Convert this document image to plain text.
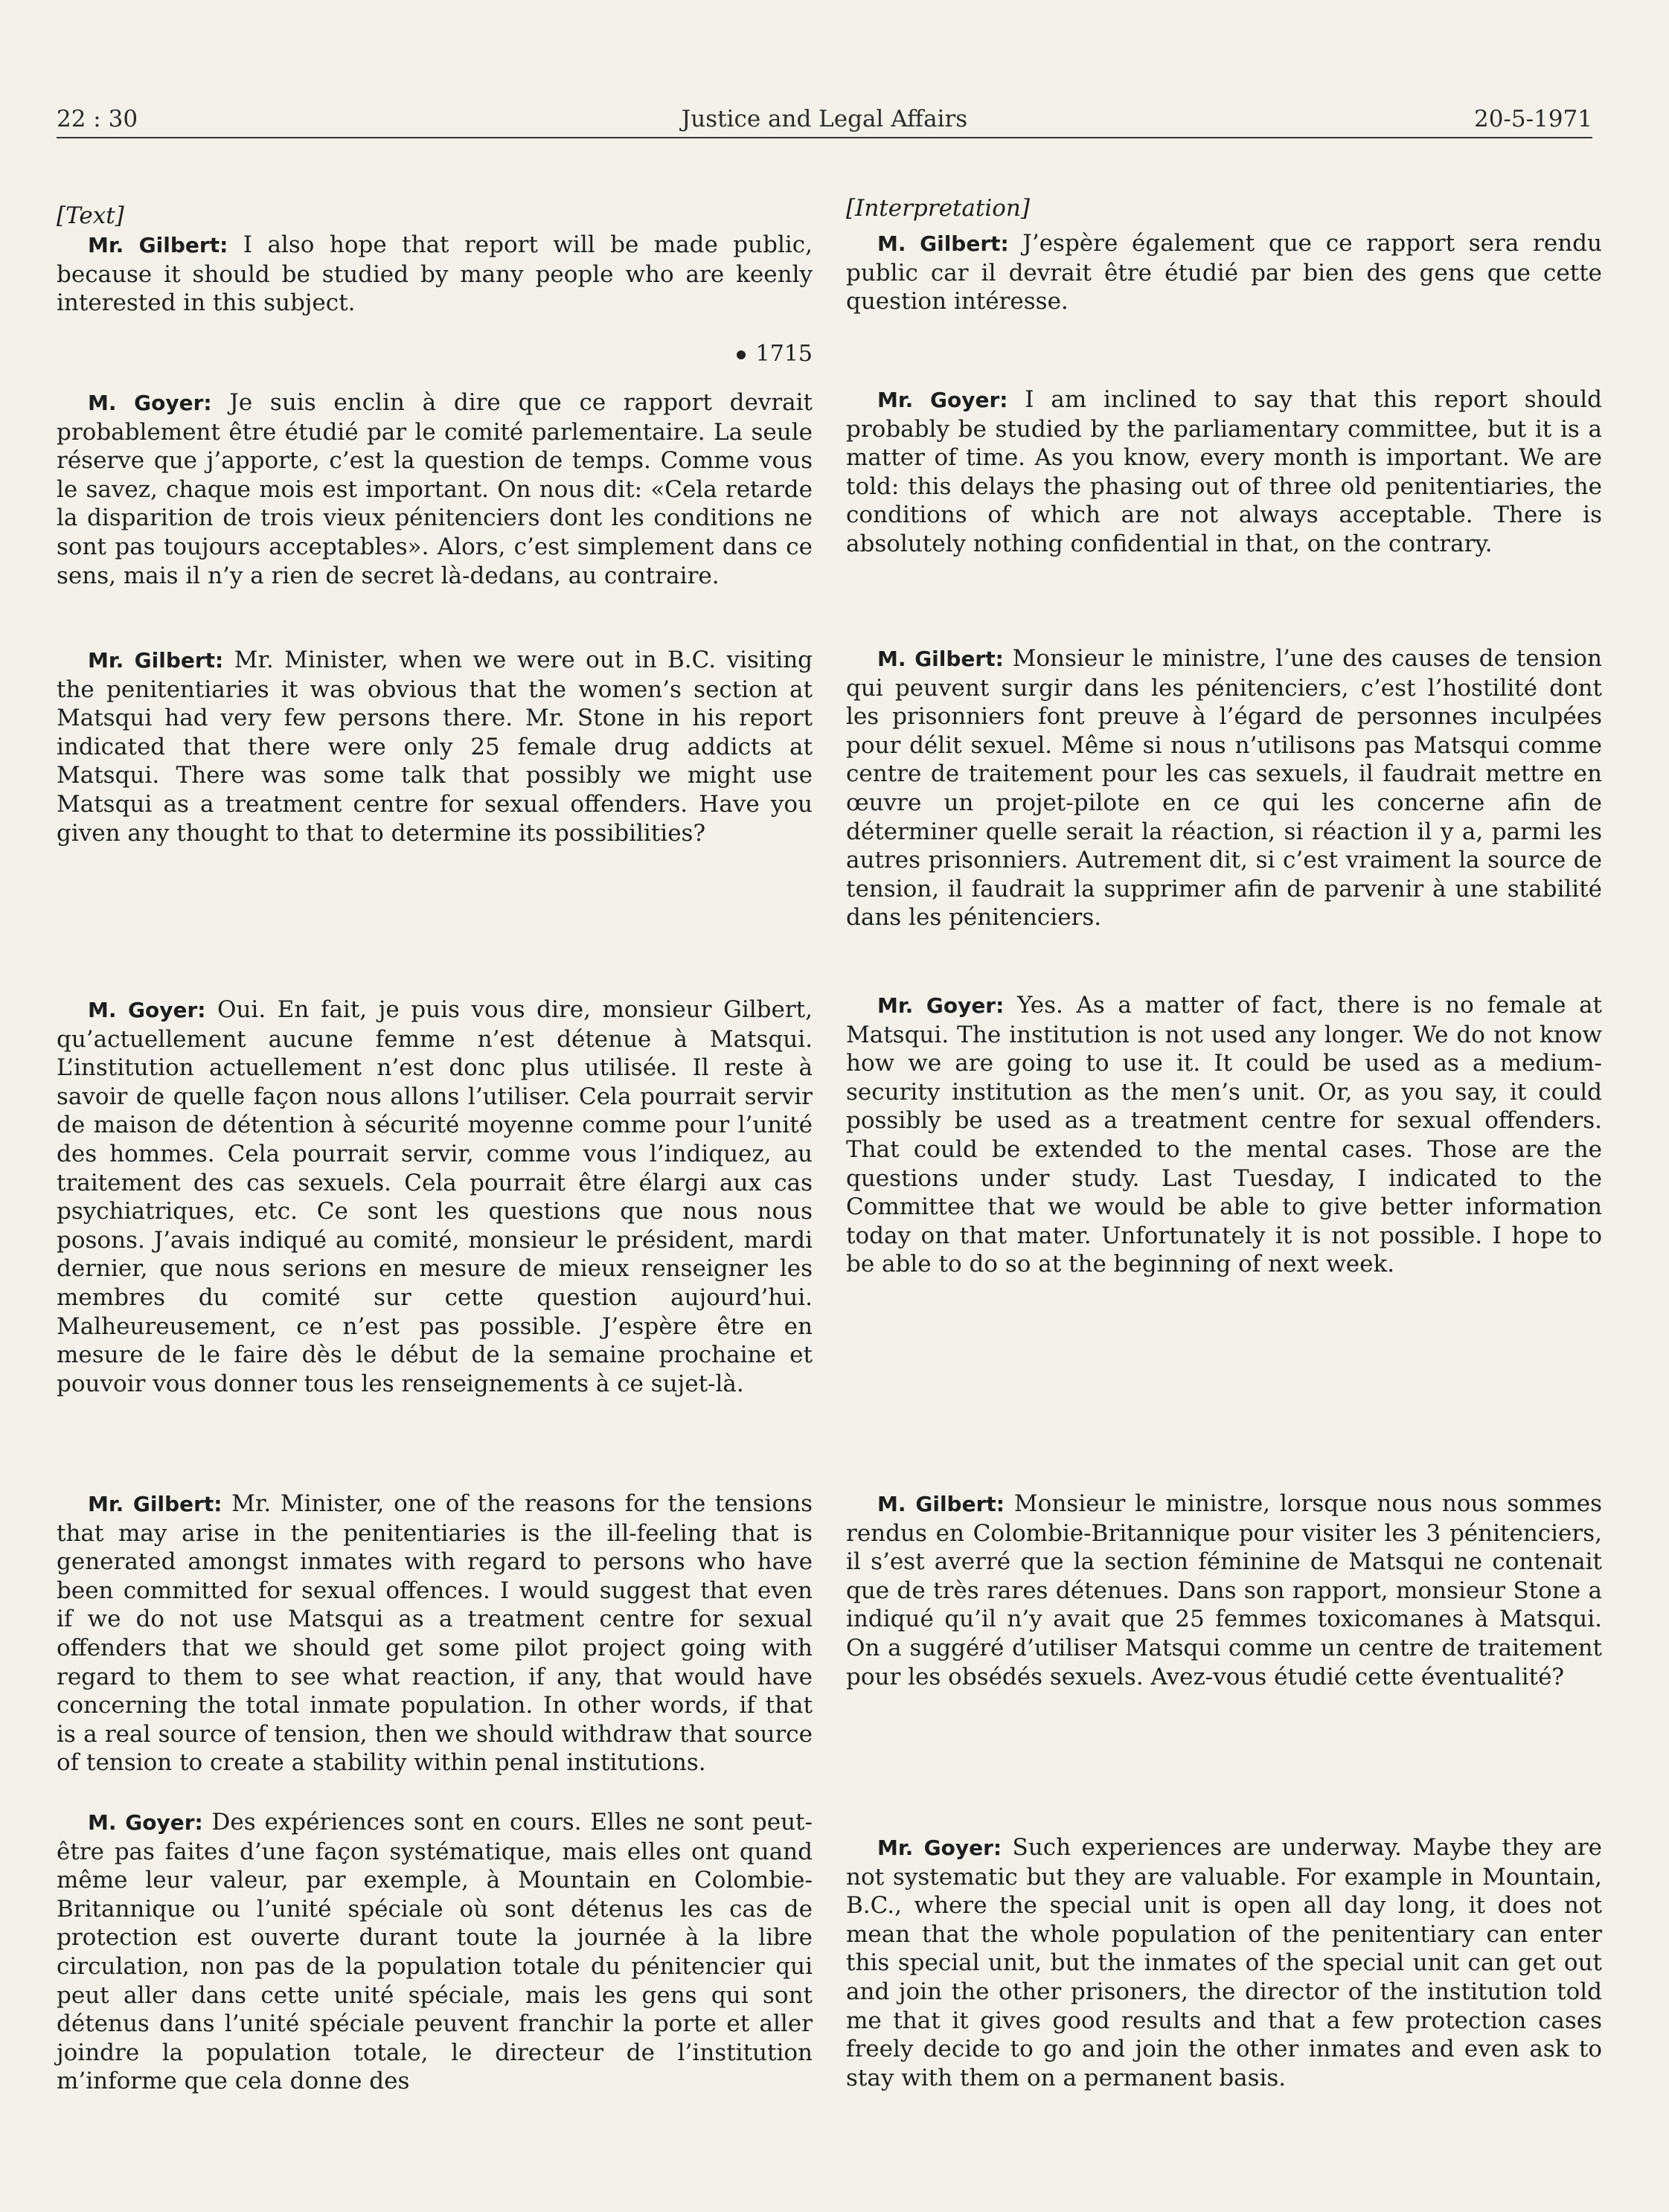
22 : 30	Justice and Legal Affairs	20-5-1971
[Text]

Mr. Gilbert: I also hope that report will be made public, because it should be studied by many people who are keenly interested in this subject.

1715

M. Goyer: Je suis enclin à dire que ce rapport devrait probablement être étudié par le comité parlementaire. La seule réserve que j’apporte, c’est la question de temps. Comme vous le savez, chaque mois est important. On nous dit: «Cela retarde la disparition de trois vieux pénitenciers dont les conditions ne sont pas toujours acceptables». Alors, c’est simplement dans ce sens, mais il n’y a rien de secret là-dedans, au contraire.

Mr. Gilbert: Mr. Minister, when we were out in B.C. visiting the penitentiaries it was obvious that the women’s section at Matsqui had very few persons there. Mr. Stone in his report indicated that there were only 25 female drug addicts at Matsqui. There was some talk that possibly we might use Matsqui as a treatment centre for sexual offenders. Have you given any thought to that to determine its possibilities?

M. Goyer: Oui. En fait, je puis vous dire, monsieur Gilbert, qu’actuellement aucune femme n’est détenue à Matsqui. L’institution actuellement n’est donc plus utilisée. Il reste à savoir de quelle façon nous allons l’utiliser. Cela pourrait servir de maison de détention à sécurité moyenne comme pour l’unité des hommes. Cela pourrait servir, comme vous l’indiquez, au traitement des cas sexuels. Cela pourrait être élargi aux cas psychiatriques, etc. Ce sont les questions que nous nous posons. J’avais indiqué au comité, monsieur le président, mardi dernier, que nous serions en mesure de mieux renseigner les membres du comité sur cette question aujourd’hui. Malheureusement, ce n’est pas possible. J’espère être en mesure de le faire dès le début de la semaine prochaine et pouvoir vous donner tous les renseignements à ce sujet-là.

Mr. Gilbert: Mr. Minister, one of the reasons for the tensions that may arise in the penitentiaries is the ill-feeling that is generated amongst inmates with regard to persons who have been committed for sexual offences. I would suggest that even if we do not use Matsqui as a treatment centre for sexual offenders that we should get some pilot project going with regard to them to see what reaction, if any, that would have concerning the total inmate population. In other words, if that is a real source of tension, then we should withdraw that source of tension to create a stability within penal institutions.

M. Goyer: Des expériences sont en cours. Elles ne sont peut-être pas faites d’une façon systématique, mais elles ont quand même leur valeur, par exemple, à Mountain en Colombie-Britannique ou l’unité spéciale où sont détenus les cas de protection est ouverte durant toute la journée à la libre circulation, non pas de la population totale du pénitencier qui peut aller dans cette unité spéciale, mais les gens qui sont détenus dans l’unité spéciale peuvent franchir la porte et aller joindre la population totale, le directeur de l’institution m’informe que cela donne des

[Interpretation]

M. Gilbert: J’espère également que ce rapport sera rendu public car il devrait être étudié par bien des gens que cette question intéresse.

Mr. Goyer: I am inclined to say that this report should probably be studied by the parliamentary committee, but it is a matter of time. As you know, every month is important. We are told: this delays the phasing out of three old penitentiaries, the conditions of which are not always acceptable. There is absolutely nothing confidential in that, on the contrary.

M. Gilbert: Monsieur le ministre, l’une des causes de tension qui peuvent surgir dans les pénitenciers, c’est l’hostilité dont les prisonniers font preuve à l’égard de personnes inculpées pour délit sexuel. Même si nous n’utilisons pas Matsqui comme centre de traitement pour les cas sexuels, il faudrait mettre en œuvre un projet-pilote en ce qui les concerne afin de déterminer quelle serait la réaction, si réaction il y a, parmi les autres prisonniers. Autrement dit, si c’est vraiment la source de tension, il faudrait la supprimer afin de parvenir à une stabilité dans les pénitenciers.

Mr. Goyer: Yes. As a matter of fact, there is no female at Matsqui. The institution is not used any longer. We do not know how we are going to use it. It could be used as a medium-security institution as the men’s unit. Or, as you say, it could possibly be used as a treatment centre for sexual offenders. That could be extended to the mental cases. Those are the questions under study. Last Tuesday, I indicated to the Committee that we would be able to give better information today on that mater. Unfortunately it is not possible. I hope to be able to do so at the beginning of next week.

M. Gilbert: Monsieur le ministre, lorsque nous nous sommes rendus en Colombie-Britannique pour visiter les 3 pénitenciers, il s’est averré que la section féminine de Matsqui ne contenait que de très rares détenues. Dans son rapport, monsieur Stone a indiqué qu’il n’y avait que 25 femmes toxicomanes à Matsqui. On a suggéré d’utiliser Matsqui comme un centre de traitement pour les obsédés sexuels. Avez-vous étudié cette éventualité?

Mr. Goyer: Such experiences are underway. Maybe they are not systematic but they are valuable. For example in Mountain, B.C., where the special unit is open all day long, it does not mean that the whole population of the penitentiary can enter this special unit, but the inmates of the special unit can get out and join the other prisoners, the director of the institution told me that it gives good results and that a few protection cases freely decide to go and join the other inmates and even ask to stay with them on a permanent basis.
